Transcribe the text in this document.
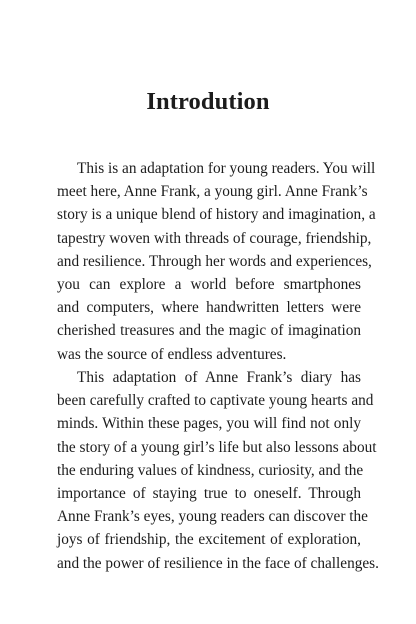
Introdution
This is an adaptation for young readers. You will
meet here, Anne Frank, a young girl. Anne Frank’s
story is a unique blend of history and imagination, a
tapestry woven with threads of courage, friendship,
and resilience. Through her words and experiences,
you can explore a world before smartphones
and computers, where handwritten letters were
cherished treasures and the magic of imagination
was the source of endless adventures.
This adaptation of Anne Frank’s diary has
been carefully crafted to captivate young hearts and
minds. Within these pages, you will find not only
the story of a young girl’s life but also lessons about
the enduring values of kindness, curiosity, and the
importance of staying true to oneself. Through
Anne Frank’s eyes, young readers can discover the
joys of friendship, the excitement of exploration,
and the power of resilience in the face of challenges.
